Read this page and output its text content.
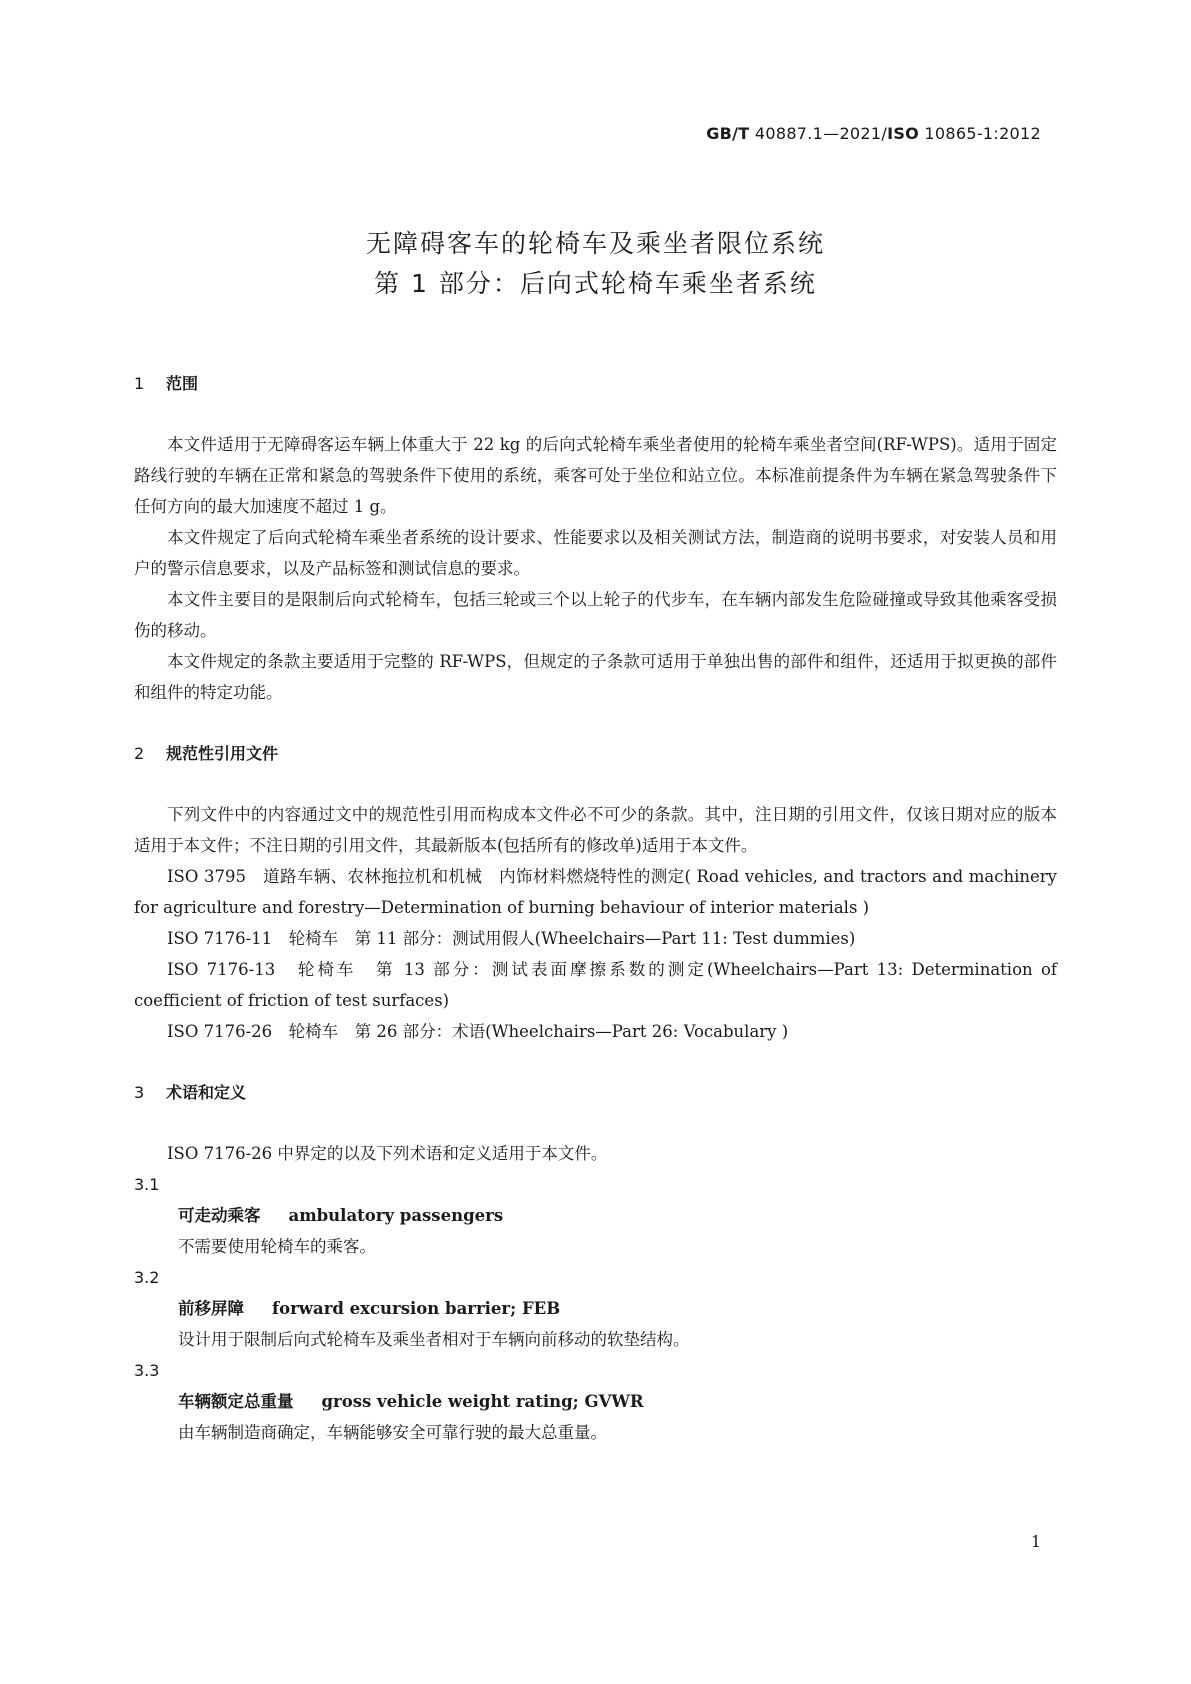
GB/T 40887.1—2021/ISO 10865-1:2012
无障碍客车的轮椅车及乘坐者限位系统
第 1 部分：后向式轮椅车乘坐者系统
1 范围

本文件适用于无障碍客运车辆上体重大于 22 kg 的后向式轮椅车乘坐者使用的轮椅车乘坐者空间(RF-WPS)。适用于固定路线行驶的车辆在正常和紧急的驾驶条件下使用的系统，乘客可处于坐位和站立位。本标准前提条件为车辆在紧急驾驶条件下任何方向的最大加速度不超过 1 g。

本文件规定了后向式轮椅车乘坐者系统的设计要求、性能要求以及相关测试方法，制造商的说明书要求，对安装人员和用户的警示信息要求，以及产品标签和测试信息的要求。

本文件主要目的是限制后向式轮椅车，包括三轮或三个以上轮子的代步车，在车辆内部发生危险碰撞或导致其他乘客受损伤的移动。

本文件规定的条款主要适用于完整的 RF-WPS，但规定的子条款可适用于单独出售的部件和组件，还适用于拟更换的部件和组件的特定功能。

2 规范性引用文件

下列文件中的内容通过文中的规范性引用而构成本文件必不可少的条款。其中，注日期的引用文件，仅该日期对应的版本适用于本文件；不注日期的引用文件，其最新版本(包括所有的修改单)适用于本文件。

ISO 3795　道路车辆、农林拖拉机和机械　内饰材料燃烧特性的测定( Road vehicles, and tractors and machinery for agriculture and forestry—Determination of burning behaviour of interior materials )

ISO 7176-11　轮椅车　第 11 部分：测试用假人(Wheelchairs—Part 11: Test dummies)

ISO 7176-13　轮椅车　第 13 部分：测试表面摩擦系数的测定(Wheelchairs—Part 13: Determination of coefficient of friction of test surfaces)

ISO 7176-26　轮椅车　第 26 部分：术语(Wheelchairs—Part 26: Vocabulary )

3 术语和定义

ISO 7176-26 中界定的以及下列术语和定义适用于本文件。

3.1
可走动乘客 ambulatory passengers
不需要使用轮椅车的乘客。
3.2
前移屏障 forward excursion barrier; FEB
设计用于限制后向式轮椅车及乘坐者相对于车辆向前移动的软垫结构。
3.3
车辆额定总重量 gross vehicle weight rating; GVWR
由车辆制造商确定，车辆能够安全可靠行驶的最大总重量。
1
